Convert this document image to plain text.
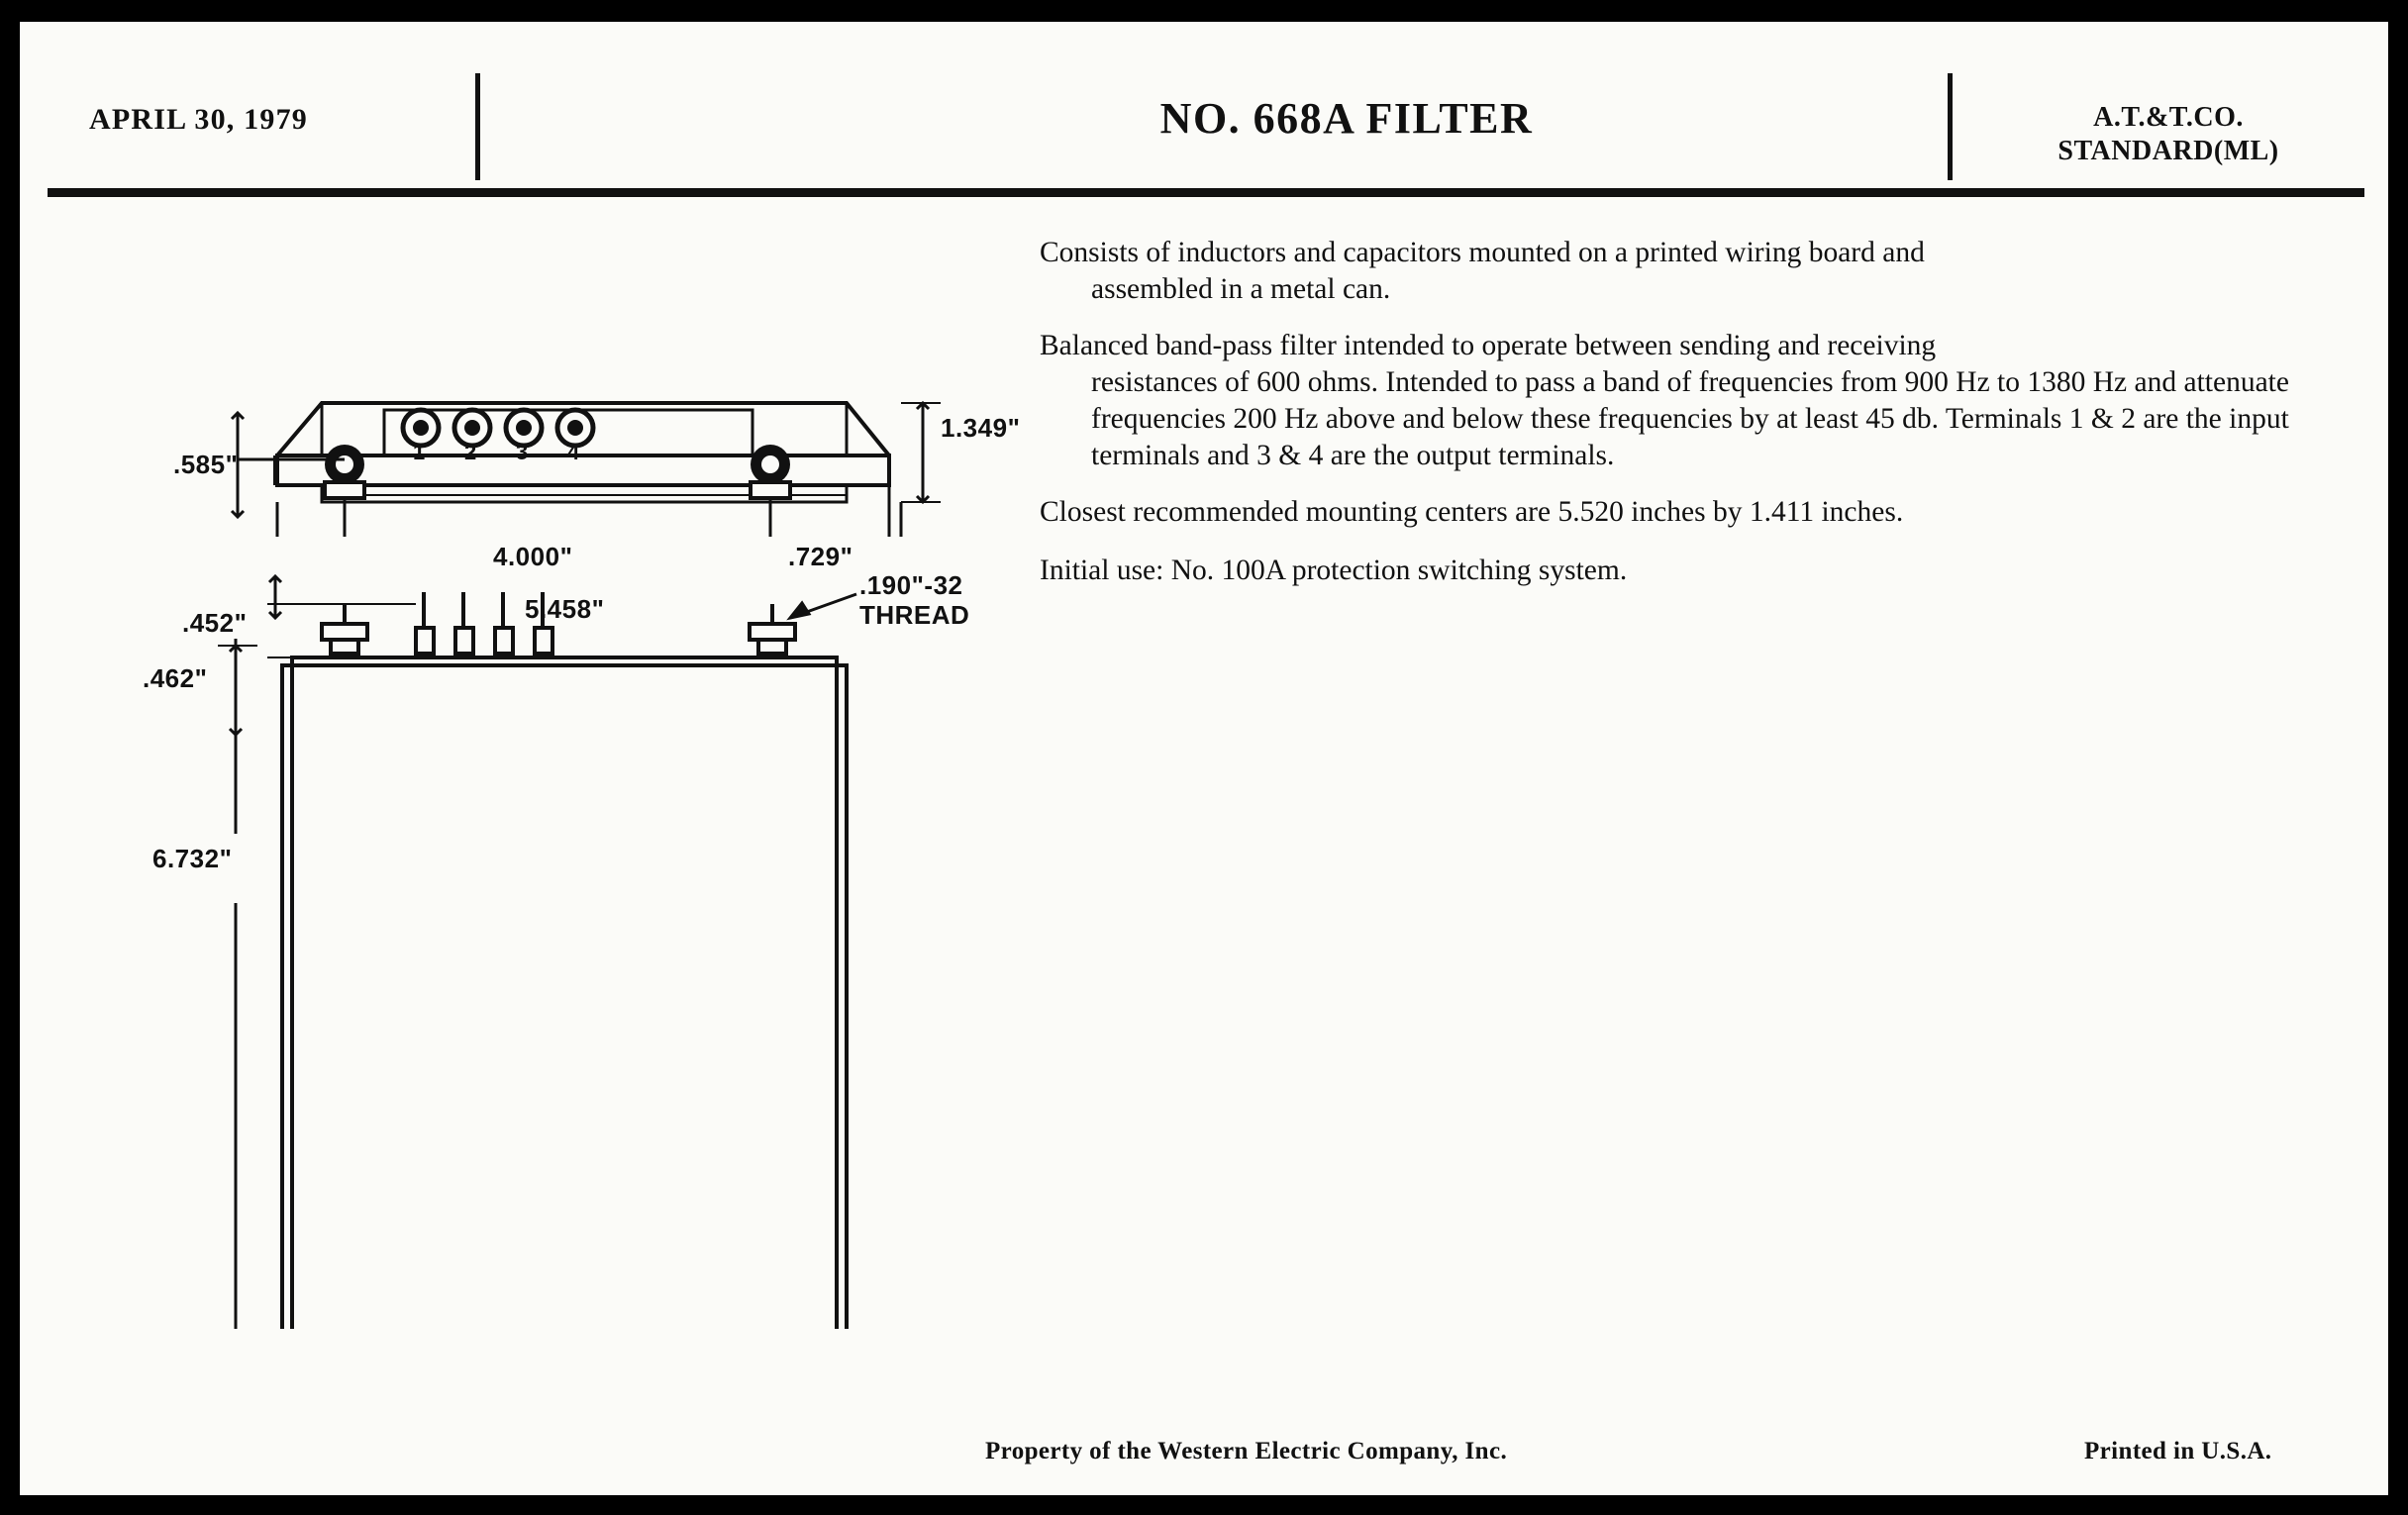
APRIL 30, 1979	NO. 668A FILTER	A.T.&T.CO.
STANDARD(ML)
1.349"
.585"
4.000"	.729"
5.458"
1 2 3 4
.452"
.462"
6.732"
.190"-32
THREAD
Consists of inductors and capacitors mounted on a printed wiring board and
assembled in a metal can.
Balanced band-pass filter intended to operate between sending and receiving
resistances of 600 ohms. Intended to pass a band of frequencies from 900 Hz to 1380 Hz and attenuate frequencies 200 Hz above and below these frequencies by at least 45 db. Terminals 1 & 2 are the input terminals and 3 & 4 are the output terminals.
Closest recommended mounting centers are 5.520 inches by 1.411 inches.
Initial use: No. 100A protection switching system.
Property of the Western Electric Company, Inc.	Printed in U.S.A.
